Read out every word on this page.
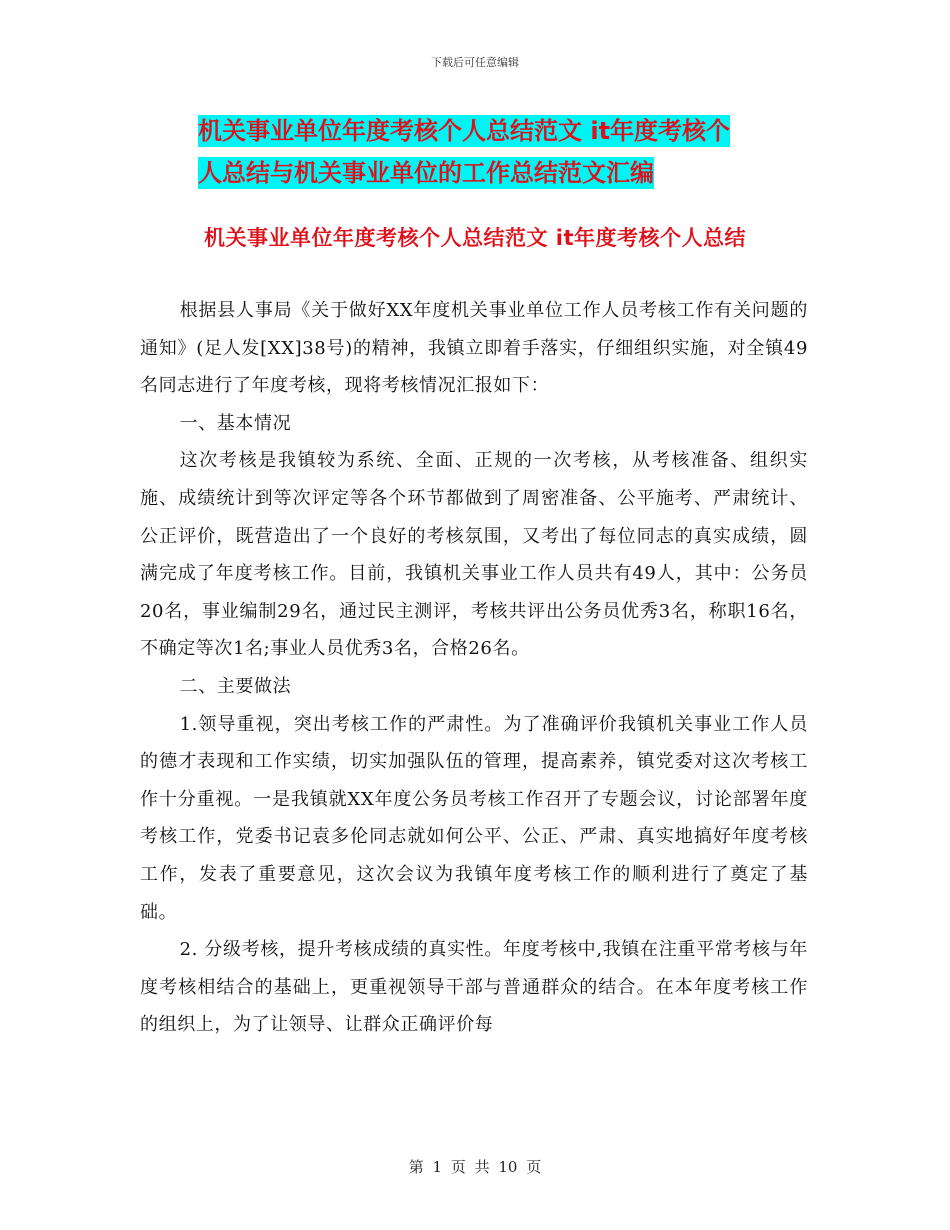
下载后可任意编辑
机关事业单位年度考核个人总结范文 it年度考核个
人总结与机关事业单位的工作总结范文汇编
机关事业单位年度考核个人总结范文 it年度考核个人总结

根据县人事局《关于做好XX年度机关事业单位工作人员考核工作有关问题的通知》(足人发[XX]38号)的精神，我镇立即着手落实，仔细组织实施，对全镇49名同志进行了年度考核，现将考核情况汇报如下：

一、基本情况

这次考核是我镇较为系统、全面、正规的一次考核，从考核准备、组织实施、成绩统计到等次评定等各个环节都做到了周密准备、公平施考、严肃统计、公正评价，既营造出了一个良好的考核氛围，又考出了每位同志的真实成绩，圆满完成了年度考核工作。目前，我镇机关事业工作人员共有49人，其中：公务员20名，事业编制29名，通过民主测评，考核共评出公务员优秀3名，称职16名，不确定等次1名;事业人员优秀3名，合格26名。

二、主要做法

1.领导重视，突出考核工作的严肃性。为了准确评价我镇机关事业工作人员的德才表现和工作实绩，切实加强队伍的管理，提高素养，镇党委对这次考核工作十分重视。一是我镇就XX年度公务员考核工作召开了专题会议，讨论部署年度考核工作，党委书记袁多伦同志就如何公平、公正、严肃、真实地搞好年度考核工作，发表了重要意见，这次会议为我镇年度考核工作的顺利进行了奠定了基础。

2. 分级考核，提升考核成绩的真实性。年度考核中,我镇在注重平常考核与年度考核相结合的基础上，更重视领导干部与普通群众的结合。在本年度考核工作的组织上，为了让领导、让群众正确评价每

第 1 页 共 10 页
